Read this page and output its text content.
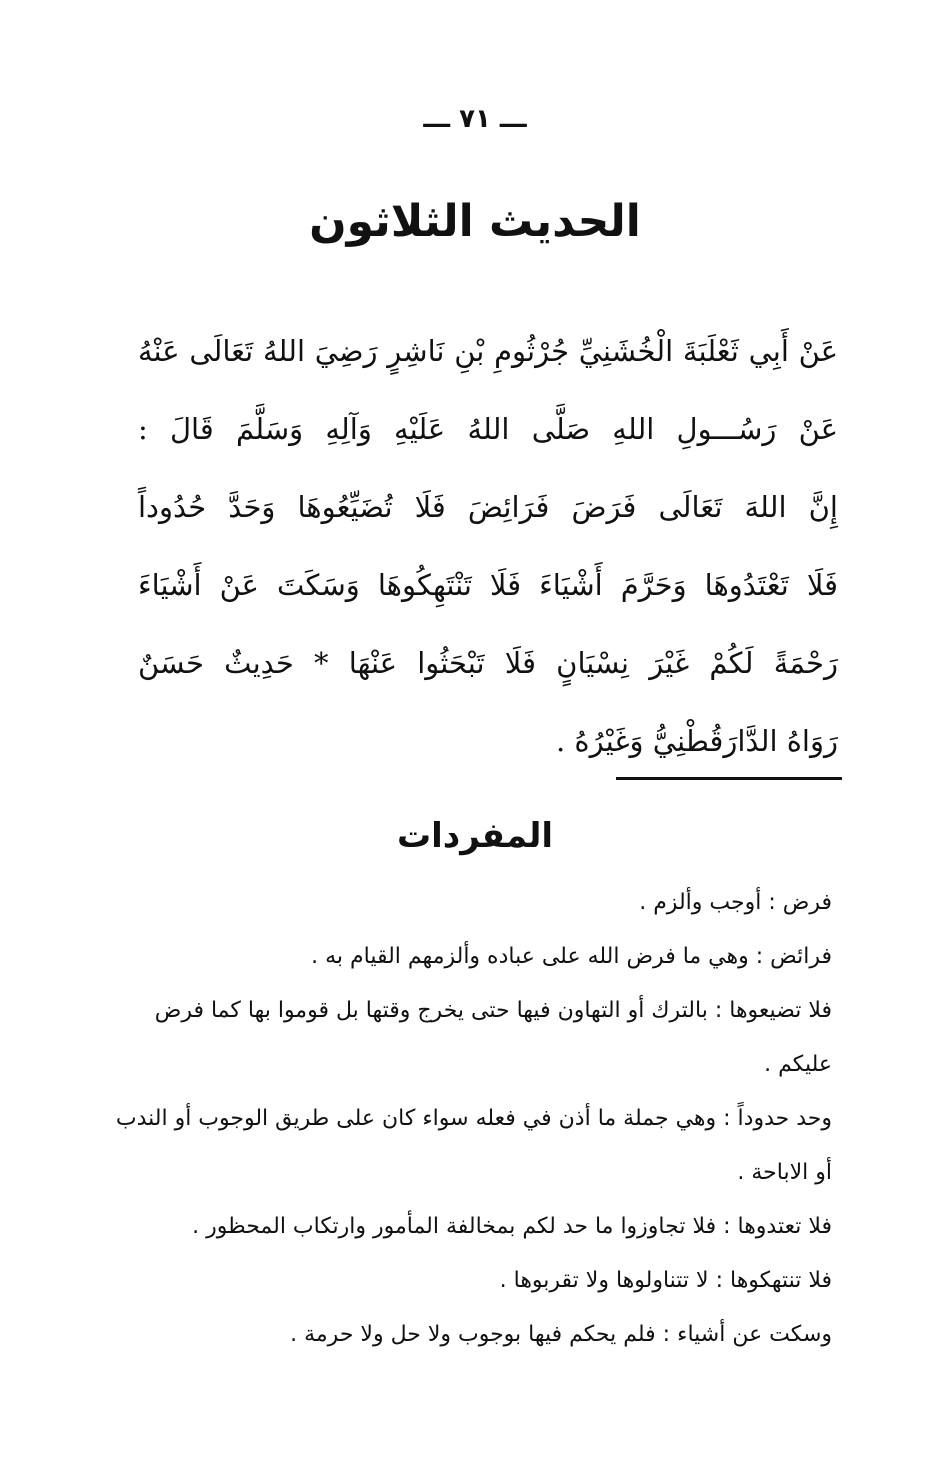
ـــ ٧١ ـــ
الحديث الثلاثون
عَنْ أَبِي ثَعْلَبَةَ الْخُشَنِيِّ جُرْثُومِ بْنِ نَاشِرٍ رَضِيَ اللهُ تَعَالَى عَنْهُ
عَنْ رَسُـــولِ اللهِ صَلَّى اللهُ عَلَيْهِ وَآلِهِ وَسَلَّمَ قَالَ :
إِنَّ اللهَ تَعَالَى فَرَضَ فَرَائِضَ فَلَا تُضَيِّعُوهَا وَحَدَّ حُدُوداً
فَلَا تَعْتَدُوهَا وَحَرَّمَ أَشْيَاءَ فَلَا تَنْتَهِكُوهَا وَسَكَتَ عَنْ أَشْيَاءَ
رَحْمَةً لَكُمْ غَيْرَ نِسْيَانٍ فَلَا تَبْحَثُوا عَنْهَا * حَدِيثٌ حَسَنٌ
رَوَاهُ الدَّارَقُطْنِيُّ وَغَيْرُهُ .
المفردات
فرض : أوجب وألزم .
فرائض : وهي ما فرض الله على عباده وألزمهم القيام به .
فلا تضيعوها : بالترك أو التهاون فيها حتى يخرج وقتها بل قوموا بها كما فرض عليكم .
وحد حدوداً : وهي جملة ما أذن في فعله سواء كان على طريق الوجوب أو الندب أو الاباحة .
فلا تعتدوها : فلا تجاوزوا ما حد لكم بمخالفة المأمور وارتكاب المحظور .
فلا تنتهكوها : لا تتناولوها ولا تقربوها .
وسكت عن أشياء : فلم يحكم فيها بوجوب ولا حل ولا حرمة .
